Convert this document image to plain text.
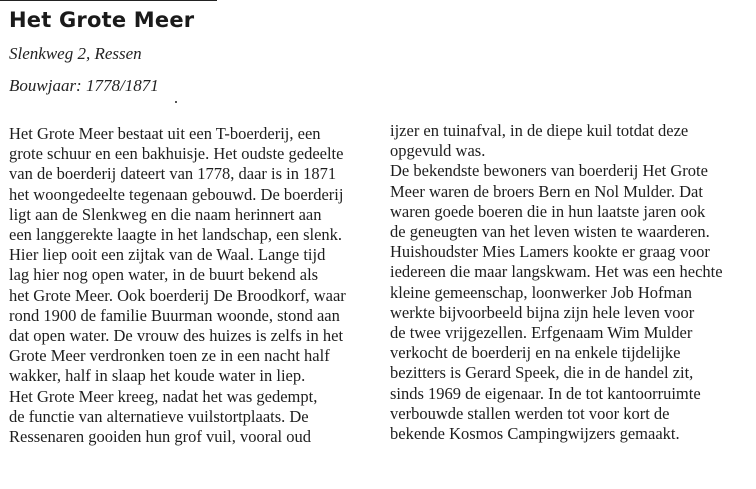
Het Grote Meer

Slenkweg 2, Ressen

Bouwjaar: 1778/1871

Het Grote Meer bestaat uit een T-boerderij, een
grote schuur en een bakhuisje. Het oudste gedeelte
van de boerderij dateert van 1778, daar is in 1871
het woongedeelte tegenaan gebouwd. De boerderij
ligt aan de Slenkweg en die naam herinnert aan
een langgerekte laagte in het landschap, een slenk.
Hier liep ooit een zijtak van de Waal. Lange tijd
lag hier nog open water, in de buurt bekend als
het Grote Meer. Ook boerderij De Broodkorf, waar
rond 1900 de familie Buurman woonde, stond aan
dat open water. De vrouw des huizes is zelfs in het
Grote Meer verdronken toen ze in een nacht half
wakker, half in slaap het koude water in liep.
Het Grote Meer kreeg, nadat het was gedempt,
de functie van alternatieve vuilstortplaats. De
Ressenaren gooiden hun grof vuil, vooral oud
ijzer en tuinafval, in de diepe kuil totdat deze
opgevuld was.
De bekendste bewoners van boerderij Het Grote
Meer waren de broers Bern en Nol Mulder. Dat
waren goede boeren die in hun laatste jaren ook
de geneugten van het leven wisten te waarderen.
Huishoudster Mies Lamers kookte er graag voor
iedereen die maar langskwam. Het was een hechte
kleine gemeenschap, loonwerker Job Hofman
werkte bijvoorbeeld bijna zijn hele leven voor
de twee vrijgezellen. Erfgenaam Wim Mulder
verkocht de boerderij en na enkele tijdelijke
bezitters is Gerard Speek, die in de handel zit,
sinds 1969 de eigenaar. In de tot kantoorruimte
verbouwde stallen werden tot voor kort de
bekende Kosmos Campingwijzers gemaakt.
